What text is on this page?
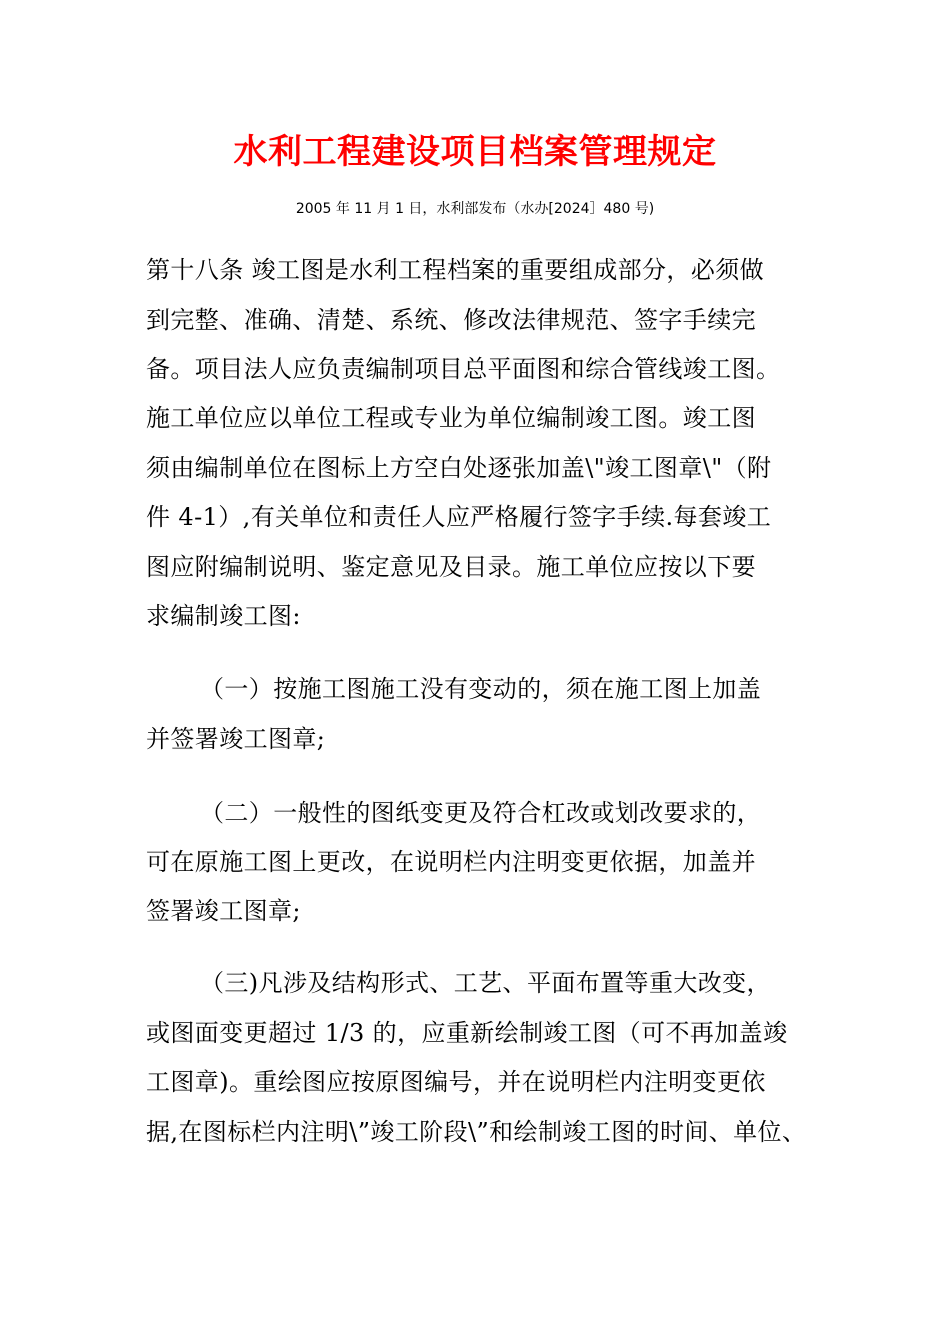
水利工程建设项目档案管理规定
2005 年 11 月 1 日，水利部发布（水办[2024］480 号)
第十八条 竣工图是水利工程档案的重要组成部分，必须做
到完整、准确、清楚、系统、修改法律规范、签字手续完
备。项目法人应负责编制项目总平面图和综合管线竣工图。
施工单位应以单位工程或专业为单位编制竣工图。竣工图
须由编制单位在图标上方空白处逐张加盖\"竣工图章\"（附
件 4-1）,有关单位和责任人应严格履行签字手续.每套竣工
图应附编制说明、鉴定意见及目录。施工单位应按以下要
求编制竣工图:
（一）按施工图施工没有变动的，须在施工图上加盖
并签署竣工图章;
（二）一般性的图纸变更及符合杠改或划改要求的，
可在原施工图上更改，在说明栏内注明变更依据，加盖并
签署竣工图章;
（三)凡涉及结构形式、工艺、平面布置等重大改变，
或图面变更超过 1/3 的，应重新绘制竣工图（可不再加盖竣
工图章)。重绘图应按原图编号，并在说明栏内注明变更依
据,在图标栏内注明\”竣工阶段\”和绘制竣工图的时间、单位、
